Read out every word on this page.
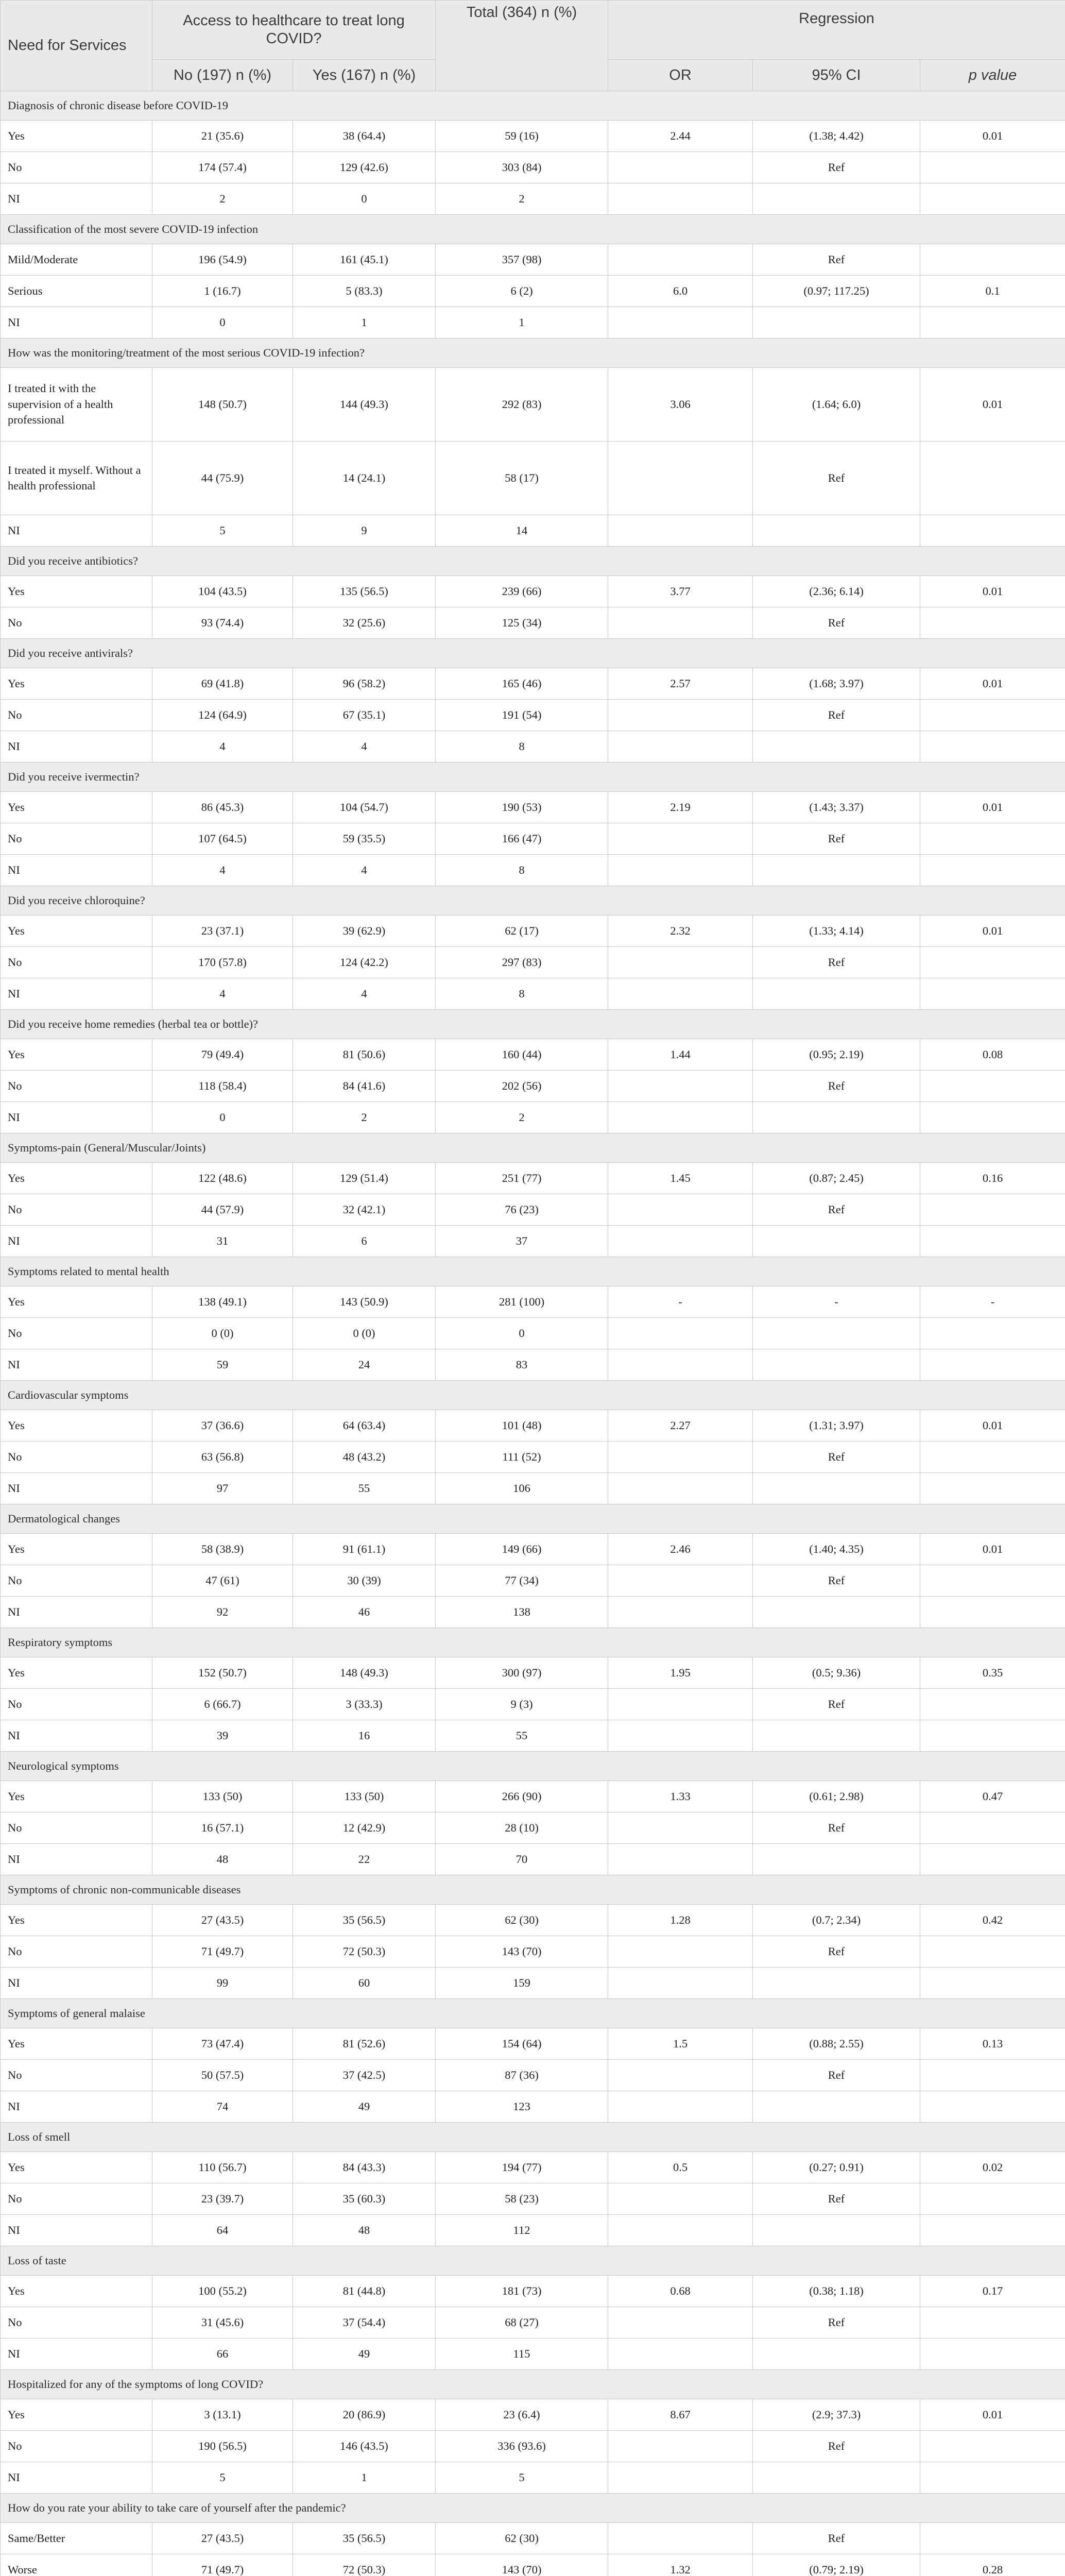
Need for Services	Access to healthcare to treat long COVID?		Total (364) n (%)	Regression		
	No (197) n (%)	Yes (167) n (%)		OR	95% CI	p value
Diagnosis of chronic disease before COVID-19						
Yes	21 (35.6)	38 (64.4)	59 (16)	2.44	(1.38; 4.42)	0.01
No	174 (57.4)	129 (42.6)	303 (84)		Ref	
NI	2	0	2			
Classification of the most severe COVID-19 infection						
Mild/Moderate	196 (54.9)	161 (45.1)	357 (98)		Ref	
Serious	1 (16.7)	5 (83.3)	6 (2)	6.0	(0.97; 117.25)	0.1
NI	0	1	1			
How was the monitoring/treatment of the most serious COVID-19 infection?						
I treated it with the supervision of a health professional	148 (50.7)	144 (49.3)	292 (83)	3.06	(1.64; 6.0)	0.01
I treated it myself. Without a health professional	44 (75.9)	14 (24.1)	58 (17)		Ref	
NI	5	9	14			
Did you receive antibiotics?						
Yes	104 (43.5)	135 (56.5)	239 (66)	3.77	(2.36; 6.14)	0.01
No	93 (74.4)	32 (25.6)	125 (34)		Ref	
Did you receive antivirals?						
Yes	69 (41.8)	96 (58.2)	165 (46)	2.57	(1.68; 3.97)	0.01
No	124 (64.9)	67 (35.1)	191 (54)		Ref	
NI	4	4	8			
Did you receive ivermectin?						
Yes	86 (45.3)	104 (54.7)	190 (53)	2.19	(1.43; 3.37)	0.01
No	107 (64.5)	59 (35.5)	166 (47)		Ref	
NI	4	4	8			
Did you receive chloroquine?						
Yes	23 (37.1)	39 (62.9)	62 (17)	2.32	(1.33; 4.14)	0.01
No	170 (57.8)	124 (42.2)	297 (83)		Ref	
NI	4	4	8			
Did you receive home remedies (herbal tea or bottle)?						
Yes	79 (49.4)	81 (50.6)	160 (44)	1.44	(0.95; 2.19)	0.08
No	118 (58.4)	84 (41.6)	202 (56)		Ref	
NI	0	2	2			
Symptoms-pain (General/Muscular/Joints)						
Yes	122 (48.6)	129 (51.4)	251 (77)	1.45	(0.87; 2.45)	0.16
No	44 (57.9)	32 (42.1)	76 (23)		Ref	
NI	31	6	37			
Symptoms related to mental health						
Yes	138 (49.1)	143 (50.9)	281 (100)	-	-	-
No	0 (0)	0 (0)	0			
NI	59	24	83			
Cardiovascular symptoms						
Yes	37 (36.6)	64 (63.4)	101 (48)	2.27	(1.31; 3.97)	0.01
No	63 (56.8)	48 (43.2)	111 (52)		Ref	
NI	97	55	106			
Dermatological changes						
Yes	58 (38.9)	91 (61.1)	149 (66)	2.46	(1.40; 4.35)	0.01
No	47 (61)	30 (39)	77 (34)		Ref	
NI	92	46	138			
Respiratory symptoms						
Yes	152 (50.7)	148 (49.3)	300 (97)	1.95	(0.5; 9.36)	0.35
No	6 (66.7)	3 (33.3)	9 (3)		Ref	
NI	39	16	55			
Neurological symptoms						
Yes	133 (50)	133 (50)	266 (90)	1.33	(0.61; 2.98)	0.47
No	16 (57.1)	12 (42.9)	28 (10)		Ref	
NI	48	22	70			
Symptoms of chronic non-communicable diseases						
Yes	27 (43.5)	35 (56.5)	62 (30)	1.28	(0.7; 2.34)	0.42
No	71 (49.7)	72 (50.3)	143 (70)		Ref	
NI	99	60	159			
Symptoms of general malaise						
Yes	73 (47.4)	81 (52.6)	154 (64)	1.5	(0.88; 2.55)	0.13
No	50 (57.5)	37 (42.5)	87 (36)		Ref	
NI	74	49	123			
Loss of smell						
Yes	110 (56.7)	84 (43.3)	194 (77)	0.5	(0.27; 0.91)	0.02
No	23 (39.7)	35 (60.3)	58 (23)		Ref	
NI	64	48	112			
Loss of taste						
Yes	100 (55.2)	81 (44.8)	181 (73)	0.68	(0.38; 1.18)	0.17
No	31 (45.6)	37 (54.4)	68 (27)		Ref	
NI	66	49	115			
Hospitalized for any of the symptoms of long COVID?						
Yes	3 (13.1)	20 (86.9)	23 (6.4)	8.67	(2.9; 37.3)	0.01
No	190 (56.5)	146 (43.5)	336 (93.6)		Ref	
NI	5	1	5			
How do you rate your ability to take care of yourself after the pandemic?						
Same/Better	27 (43.5)	35 (56.5)	62 (30)		Ref	
Worse	71 (49.7)	72 (50.3)	143 (70)	1.32	(0.79; 2.19)	0.28
